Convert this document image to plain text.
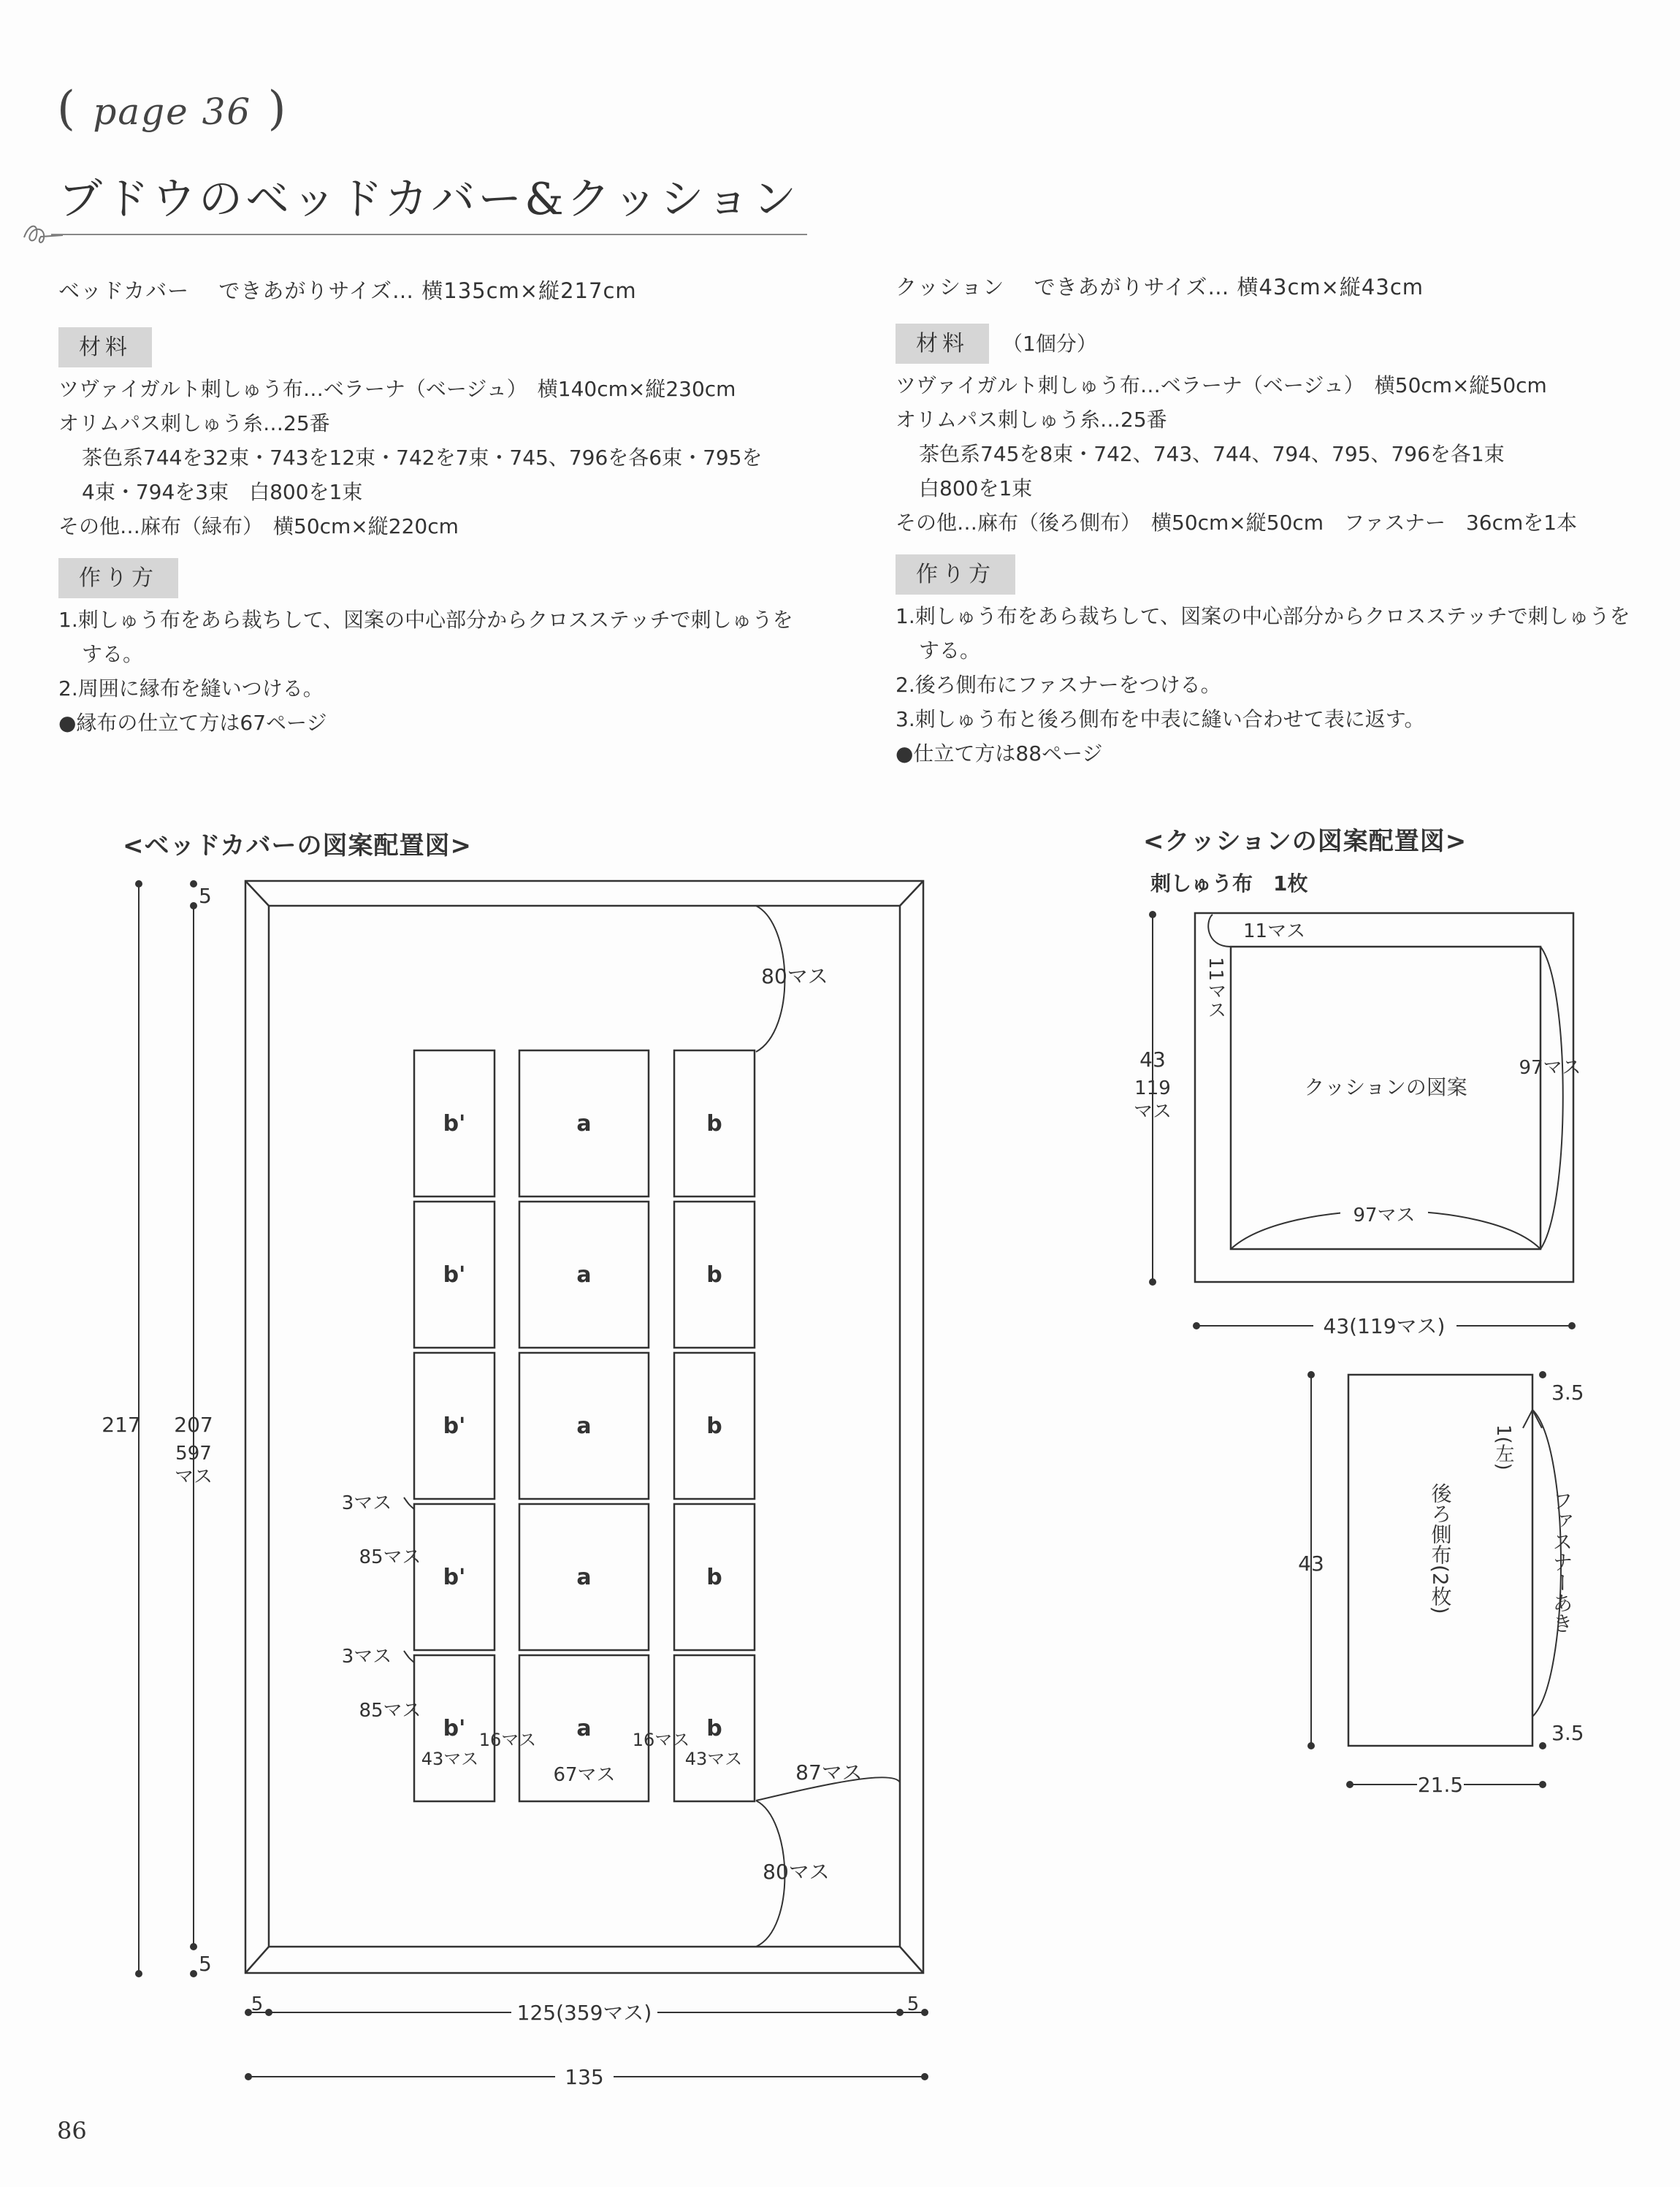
( page 36 )
ブドウのベッドカバー&クッション

ベッドカバー　 できあがりサイズ… 横135cm×縦217cm

材料

ツヴァイガルト刺しゅう布…ベラーナ（ベージュ）　横140cm×縦230cm

オリムパス刺しゅう糸…25番

茶色系744を32束・743を12束・742を7束・745、796を各6束・795を

4束・794を3束　白800を1束

その他…麻布（緑布）　横50cm×縦220cm

作り方

1.刺しゅう布をあら裁ちして、図案の中心部分からクロスステッチで刺しゅうを

する。

2.周囲に縁布を縫いつける。

●縁布の仕立て方は67ページ

クッション　 できあがりサイズ… 横43cm×縦43cm

材料 （1個分）

ツヴァイガルト刺しゅう布…ベラーナ（ベージュ）　横50cm×縦50cm

オリムパス刺しゅう糸…25番

茶色系745を8束・742、743、744、794、795、796を各1束

白800を1束

その他…麻布（後ろ側布）　横50cm×縦50cm　ファスナー　36cmを1本

作り方

1.刺しゅう布をあら裁ちして、図案の中心部分からクロスステッチで刺しゅうを

する。

2.後ろ側布にファスナーをつける。

3.刺しゅう布と後ろ側布を中表に縫い合わせて表に返す。

●仕立て方は88ページ

<ベッドカバーの図案配置図>	<クッションの図案配置図>
刺しゅう布　1枚
b'	a	b
b'	a	b
b'	a	b
b'	a	b
b'	a	b
217 207
597
マス
5
5
80マス
80マス
87マス
3マス
3マス
85マス
85マス
43マス
16マス
67マス
16マス
43マス
5	5
125(359マス)
135
11マス
11マス
43
119
マス
クッションの図案
97マス
97マス
43(119マス)
3.5
3.5
43
21.5
後ろ側布(2枚)	ファスナーあき
1(左)
86
